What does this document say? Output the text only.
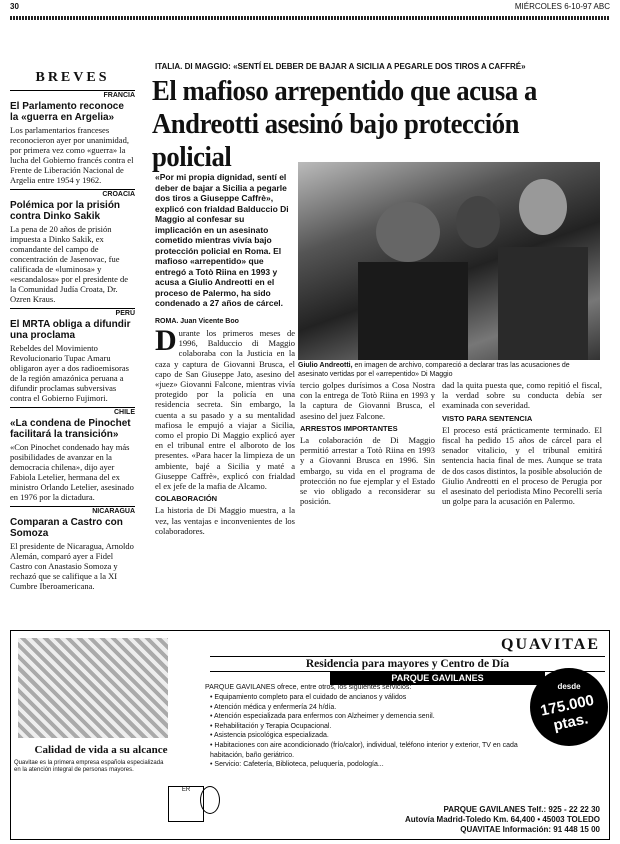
30	MIÉRCOLES 6-10-97 ABC
BREVES
FRANCIA
El Parlamento reconoce la «guerra en Argelia»
Los parlamentarios franceses reconocieron ayer por unanimidad, por primera vez como «guerra» la lucha del Gobierno francés contra el Frente de Liberación Nacional de Argelia entre 1954 y 1962.
CROACIA
Polémica por la prisión contra Dinko Sakik
La pena de 20 años de prisión impuesta a Dinko Sakik, ex comandante del campo de concentración de Jasenovac, fue calificada de «luminosa» y «escandalosa» por el presidente de la Comunidad Judía Croata, Dr. Ozren Kraus.
PERÚ
El MRTA obliga a difundir una proclama
Rebeldes del Movimiento Revolucionario Tupac Amaru obligaron ayer a dos radioemisoras de la región amazónica peruana a difundir proclamas subversivas contra el Gobierno Fujimori.
CHILE
«La condena de Pinochet facilitará la transición»
«Con Pinochet condenado hay más posibilidades de avanzar en la democracia chilena», dijo ayer Fabiola Letelier, hermana del ex ministro Orlando Letelier, asesinado en 1976 por la dictadura.
NICARAGUA
Comparan a Castro con Somoza
El presidente de Nicaragua, Arnoldo Alemán, comparó ayer a Fidel Castro con Anastasio Somoza y rechazó que se califique a la XI Cumbre Iberoamericana.
ITALIA. DI MAGGIO: «SENTÍ EL DEBER DE BAJAR A SICILIA A PEGARLE DOS TIROS A CAFFRÉ»
El mafioso arrepentido que acusa a
Andreotti asesinó bajo protección policial
«Por mi propia dignidad, sentí el deber de bajar a Sicilia a pegarle dos tiros a Giuseppe Caffrè», explicó con frialdad Balduccio Di Maggio al confesar su implicación en un asesinato cometido mientras vivía bajo protección policial en Roma. El mafioso «arrepentido» que entregó a Totò Riina en 1993 y acusa a Giulio Andreotti en el proceso de Palermo, ha sido condenado a 27 años de cárcel.
Giulio Andreotti, en imagen de archivo, compareció a declarar tras las acusaciones de asesinato vertidas por el «arrepentido» Di Maggio
ROMA. Juan Vicente Boo
D urante los primeros meses de 1996, Balduccio di Maggio colaboraba con la Justicia en la caza y captura de Giovanni Brusca, el capo de San Giuseppe Jato, asesino del «juez» Giovanni Falcone, mientras vivía protegido por la policía en una residencia secreta. Sin embargo, la cuenta a su pasado y a su mentalidad mafiosa le empujó a viajar a Sicilia, como el propio Di Maggio explicó ayer en el tribunal entre el alboroto de los presentes. «Para hacer la limpieza de un ambiente, bajé a Sicilia y maté a Giuseppe Caffrè», explicó con frialdad el ex jefe de la mafia de Alcamo.
COLABORACIÓN
La historia de Di Maggio muestra, a la vez, las ventajas e inconvenientes de los colaboradores.
tercio golpes durísimos a Cosa Nostra con la entrega de Totò Riina en 1993 y la captura de Giovanni Brusca, el asesino del juez Falcone.
ARRESTOS IMPORTANTES
La colaboración de Di Maggio permitió arrestar a Totò Riina en 1993 y a Giovanni Brusca en 1996. Sin embargo, su vida en el programa de protección no fue ejemplar y el Estado se vio obligado a reconsiderar su posición.
dad la quita puesta que, como repitió el fiscal, la verdad sobre su conducta debía ser examinada con severidad.
VISTO PARA SENTENCIA
El proceso está prácticamente terminado. El fiscal ha pedido 15 años de cárcel para el senador vitalicio, y el tribunal emitirá sentencia hacia final de mes. Aunque se trata de dos casos distintos, la posible absolución de Giulio Andreotti en el proceso de Perugia por el asesinato del periodista Mino Pecorelli sería un golpe para la acusación en Palermo.
Calidad de vida a su alcance
Quavitae es la primera empresa española especializada en la atención integral de personas mayores.
ER
QUAVITAE
Residencia para mayores y Centro de Día
PARQUE GAVILANES
PARQUE GAVILANES ofrece, entre otros, los siguientes servicios:
• Equipamiento completo para el cuidado de ancianos y válidos
• Atención médica y enfermería 24 h/día.
• Atención especializada para enfermos con Alzheimer y demencia senil.
• Rehabilitación y Terapia Ocupacional.
• Asistencia psicológica especializada.
• Habitaciones con aire acondicionado (frío/calor), individual, teléfono interior y exterior, TV en cada habitación, baño geriátrico.
• Servicio: Cafetería, Biblioteca, peluquería, podología...
desde
175.000 ptas.
PARQUE GAVILANES Telf.: 925 - 22 22 30
Autovía Madrid-Toledo Km. 64,400 • 45003 TOLEDO
QUAVITAE Información: 91 448 15 00
